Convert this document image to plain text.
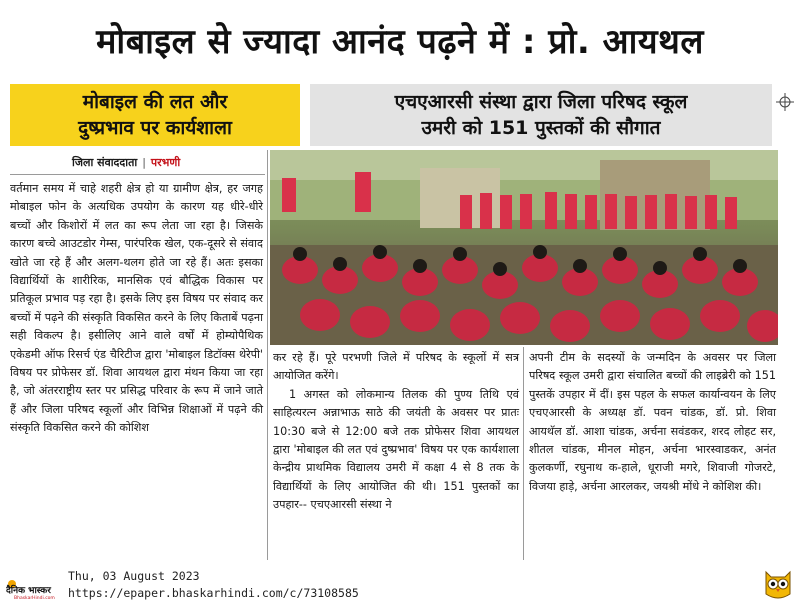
मोबाइल से ज्यादा आनंद पढ़ने में : प्रो. आयथल
मोबाइल की लत और
दुष्प्रभाव पर कार्यशाला
एचएआरसी संस्था द्वारा जिला परिषद स्कूल
उमरी को 151 पुस्तकों की सौगात
जिला संवाददाता | परभणी

वर्तमान समय में चाहे शहरी क्षेत्र हो या ग्रामीण क्षेत्र, हर जगह मोबाइल फोन के अत्यधिक उपयोग के कारण यह धीरे-धीरे बच्चों और किशोरों में लत का रूप लेता जा रहा है। जिसके कारण बच्चे आउटडोर गेम्स, पारंपरिक खेल, एक-दूसरे से संवाद खोते जा रहे हैं और अलग-थलग होते जा रहे हैं। अतः इसका विद्यार्थियों के शारीरिक, मानसिक एवं बौद्धिक विकास पर प्रतिकूल प्रभाव पड़ रहा है। इसके लिए इस विषय पर संवाद कर बच्चों में पढ़ने की संस्कृति विकसित करने के लिए किताबें पढ़ना सही विकल्प है। इसीलिए आने वाले वर्षों में होम्योपैथिक एकेडमी ऑफ रिसर्च एंड चैरिटीज द्वारा 'मोबाइल डिटॉक्स थेरेपी' विषय पर प्रोफेसर डॉ. शिवा आयथल द्वारा मंथन किया जा रहा है, जो अंतरराष्ट्रीय स्तर पर प्रसिद्ध परिवार के रूप में जाने जाते हैं और जिला परिषद स्कूलों और विभिन्न शिक्षाओं में पढ़ने की संस्कृति विकसित करने की कोशिश

कर रहे हैं। पूरे परभणी जिले में परिषद के स्कूलों में सत्र आयोजित करेंगे।

1 अगस्त को लोकमान्य तिलक की पुण्य तिथि एवं साहित्यरत्न अन्नाभाऊ साठे की जयंती के अवसर पर प्रातः 10:30 बजे से 12:00 बजे तक प्रोफेसर शिवा आयथल द्वारा 'मोबाइल की लत एवं दुष्प्रभाव' विषय पर एक कार्यशाला केन्द्रीय प्राथमिक विद्यालय उमरी में कक्षा 4 से 8 तक के विद्यार्थियों के लिए आयोजित की थी। 151 पुस्तकों का उपहार-- एचएआरसी संस्था ने

अपनी टीम के सदस्यों के जन्मदिन के अवसर पर जिला परिषद स्कूल उमरी द्वारा संचालित बच्चों की लाइब्रेरी को 151 पुस्तकें उपहार में दीं। इस पहल के सफल कार्यान्वयन के लिए एचएआरसी के अध्यक्ष डॉ. पवन चांडक, डॉ. प्रो. शिवा आयथॅल डॉ. आशा चांडक, अर्चना सवंडकर, शरद लोहट सर, शीतल चांडक, मीनल मोहन, अर्चना भारस्वाडकर, अनंत कुलकर्णी, रघुनाथ क-हाले, धूराजी मगरे, शिवाजी गोजरटे, विजया हाड़े, अर्चना आरलकर, जयश्री मोंधे ने कोशिश की।

दैनिक भास्कर
BhaskarHindi.com
Thu, 03 August 2023
https://epaper.bhaskarhindi.com/c/73108585
